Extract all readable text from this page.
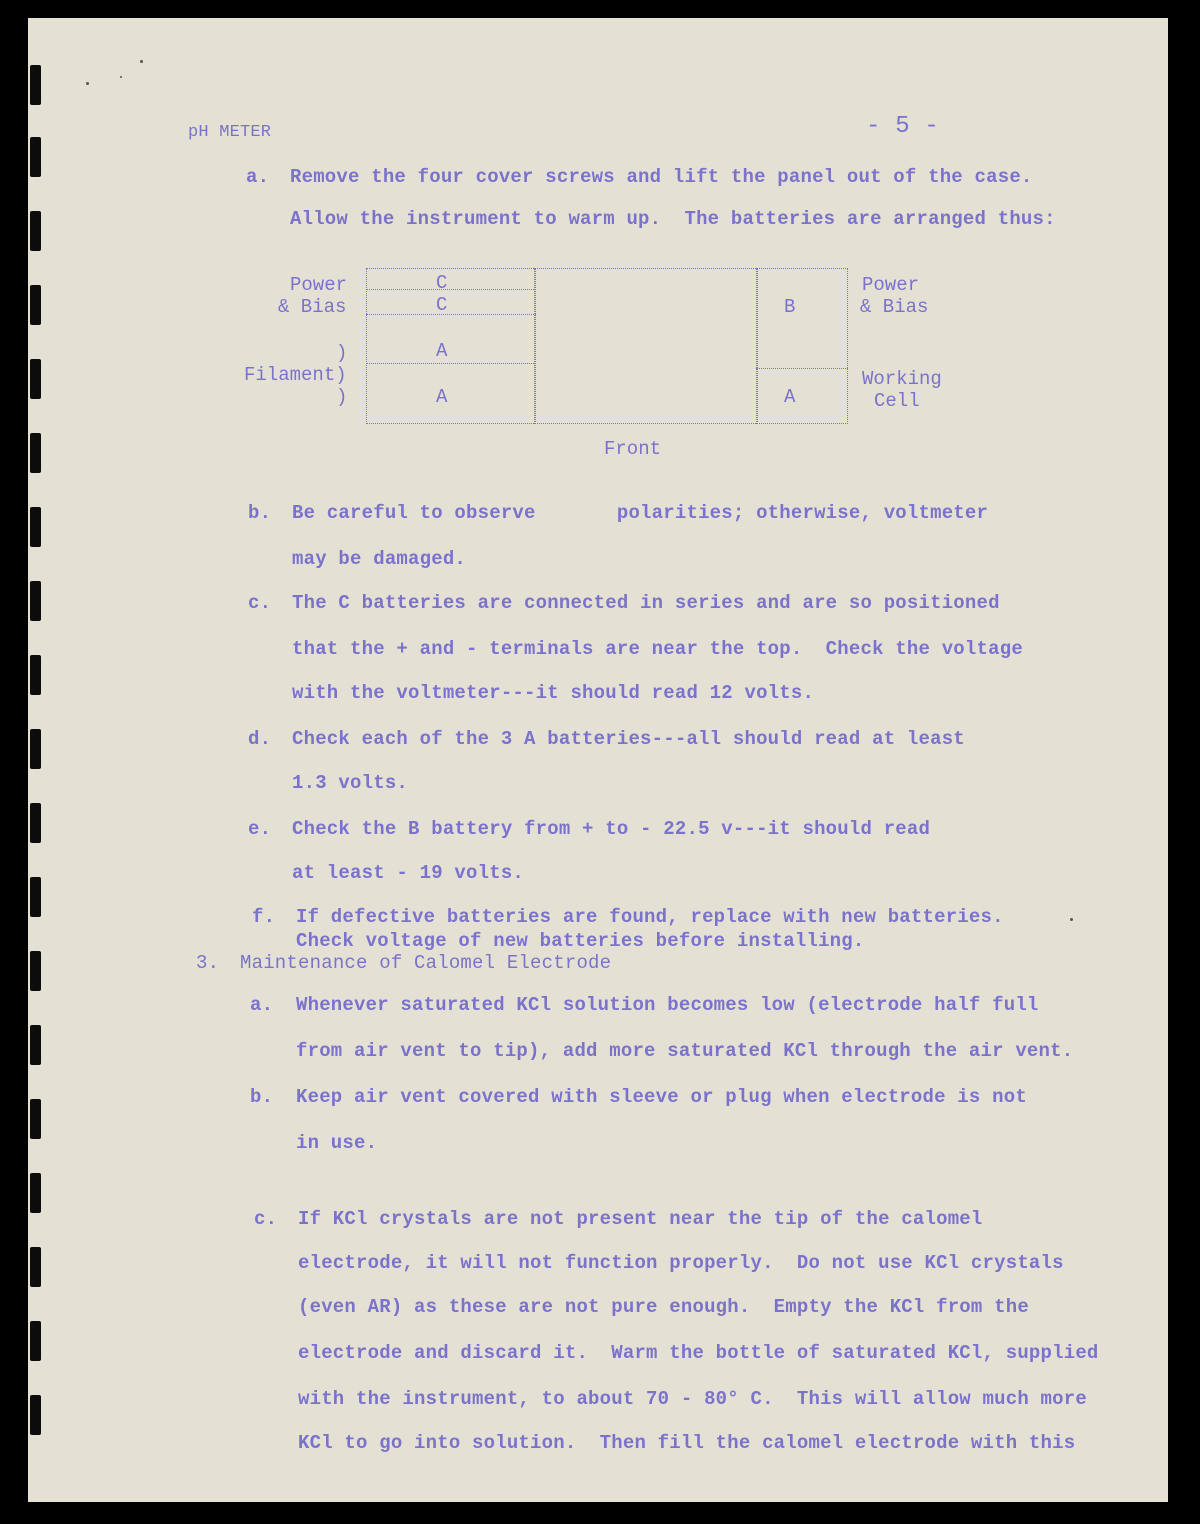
pH METER	- 5 -
a. Remove the four cover screws and lift the panel out of the case.
Allow the instrument to warm up.  The batteries are arranged thus:
Power
& Bias
)
Filament)
)
C
C
A
A
B
A
Power
& Bias
Working
Cell
Front
b. Be careful to observe       polarities; otherwise, voltmeter
may be damaged.
c. The C batteries are connected in series and are so positioned
that the + and - terminals are near the top.  Check the voltage
with the voltmeter---it should read 12 volts.
d. Check each of the 3 A batteries---all should read at least
1.3 volts.
e. Check the B battery from + to - 22.5 v---it should read
at least - 19 volts.
f. If defective batteries are found, replace with new batteries.
Check voltage of new batteries before installing.
3. Maintenance of Calomel Electrode
a. Whenever saturated KCl solution becomes low (electrode half full
from air vent to tip), add more saturated KCl through the air vent.
b. Keep air vent covered with sleeve or plug when electrode is not
in use.
c. If KCl crystals are not present near the tip of the calomel
electrode, it will not function properly.  Do not use KCl crystals
(even AR) as these are not pure enough.  Empty the KCl from the
electrode and discard it.  Warm the bottle of saturated KCl, supplied
with the instrument, to about 70 - 80° C.  This will allow much more
KCl to go into solution.  Then fill the calomel electrode with this
